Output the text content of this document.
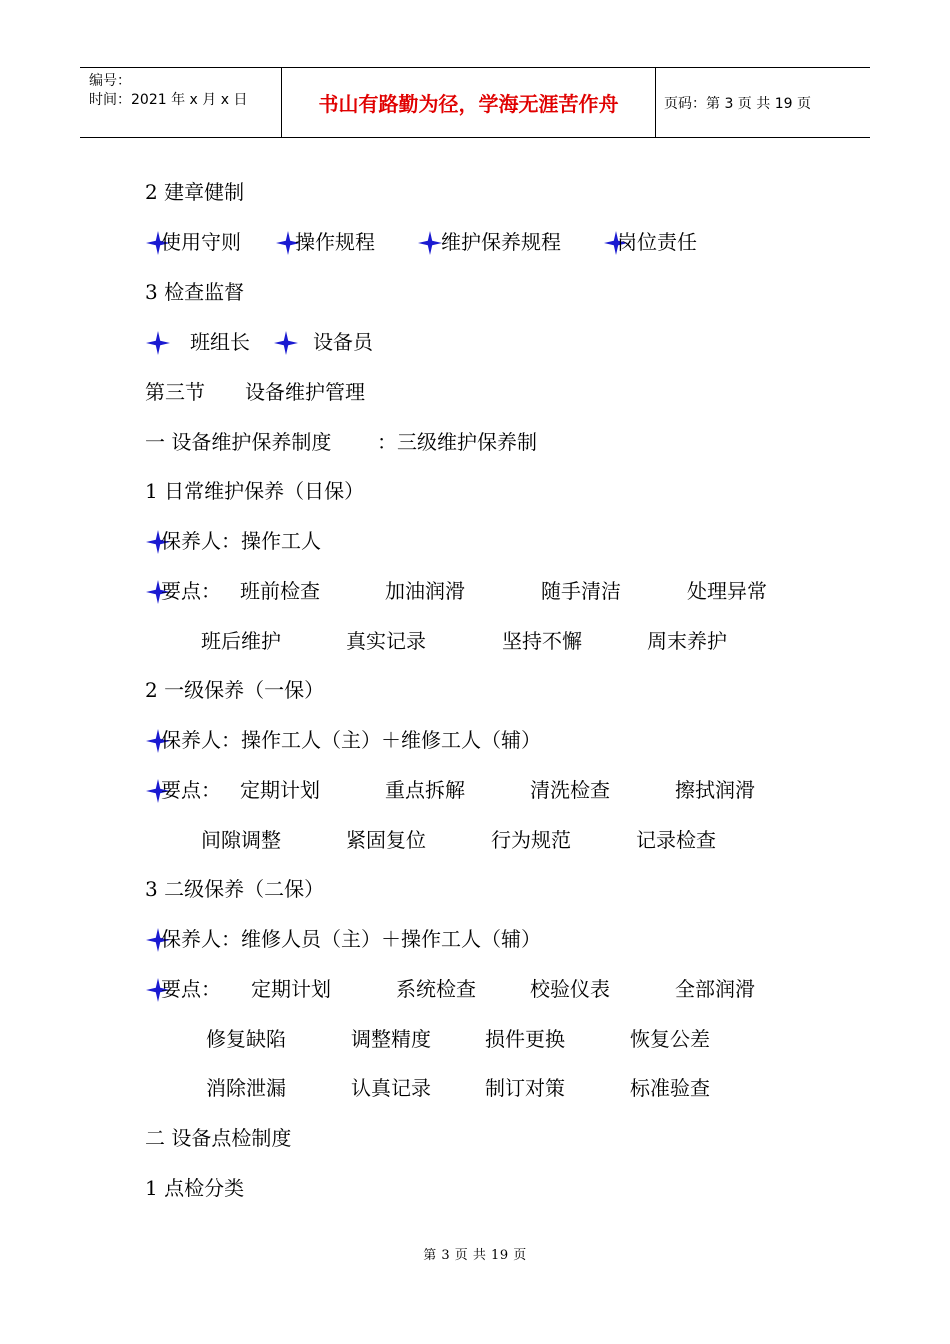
编号：
时间：2021 年 x 月 x 日	书山有路勤为径，学海无涯苦作舟	页码：第 3 页 共 19 页
2 建章健制
使用守则	操作规程	维护保养规程	岗位责任
3 检查监督
班组长	设备员
第三节 设备维护管理
一 设备维护保养制度 ：三级维护保养制
1 日常维护保养（日保）
保养人：操作工人
要点： 班前检查	加油润滑	随手清洁	处理异常
班后维护	真实记录	坚持不懈	周末养护
2 一级保养（一保）
保养人：操作工人（主）＋维修工人（辅）
要点： 定期计划	重点拆解	清洗检查	擦拭润滑
间隙调整	紧固复位	行为规范	记录检查
3 二级保养（二保）
保养人：维修人员（主）＋操作工人（辅）
要点： 定期计划	系统检查	校验仪表	全部润滑
修复缺陷	调整精度	损件更换	恢复公差
消除泄漏	认真记录	制订对策	标准验查
二 设备点检制度
1 点检分类
第 3 页 共 19 页
